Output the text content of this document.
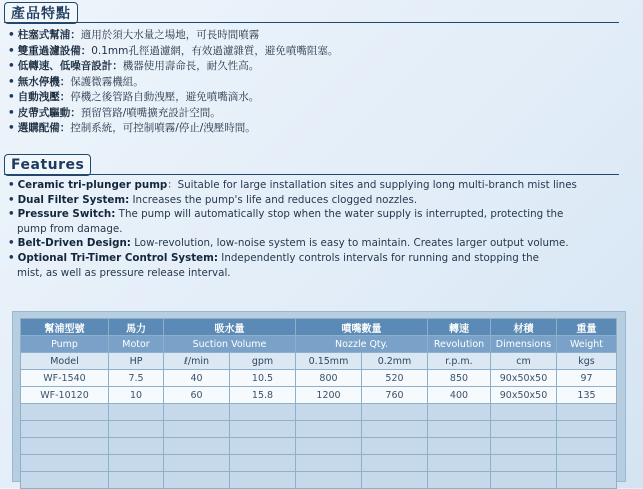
產品特點
• 柱塞式幫浦：適用於須大水量之場地，可長時間噴霧
• 雙重過濾設備：0.1mm孔徑過濾網，有效過濾雜質，避免噴嘴阻塞。
• 低轉速、低噪音設計：機器使用壽命長，耐久性高。
• 無水停機：保護微霧機組。
• 自動洩壓：停機之後管路自動洩壓，避免噴嘴滴水。
• 皮帶式驅動：預留管路/噴嘴擴充設計空間。
• 選購配備：控制系統，可控制噴霧/停止/洩壓時間。
Features
• Ceramic tri-plunger pump：Suitable for large installation sites and supplying long multi-branch mist lines
• Dual Filter System: Increases the pump's life and reduces clogged nozzles.
• Pressure Switch: The pump will automatically stop when the water supply is interrupted, protecting the
pump from damage.
• Belt-Driven Design: Low-revolution, low-noise system is easy to maintain. Creates larger output volume.
• Optional Tri-Timer Control System: Independently controls intervals for running and stopping the
mist, as well as pressure release interval.
幫浦型號	馬力	吸水量		噴嘴數量		轉速	材積	重量
Pump	Motor	Suction Volume		Nozzle Qty.		Revolution	Dimensions	Weight
Model	HP	ℓ/min	gpm	0.15mm	0.2mm	r.p.m.	cm	kgs
WF-1540	7.5	40	10.5	800	520	850	90x50x50	97
WF-10120	10	60	15.8	1200	760	400	90x50x50	135
